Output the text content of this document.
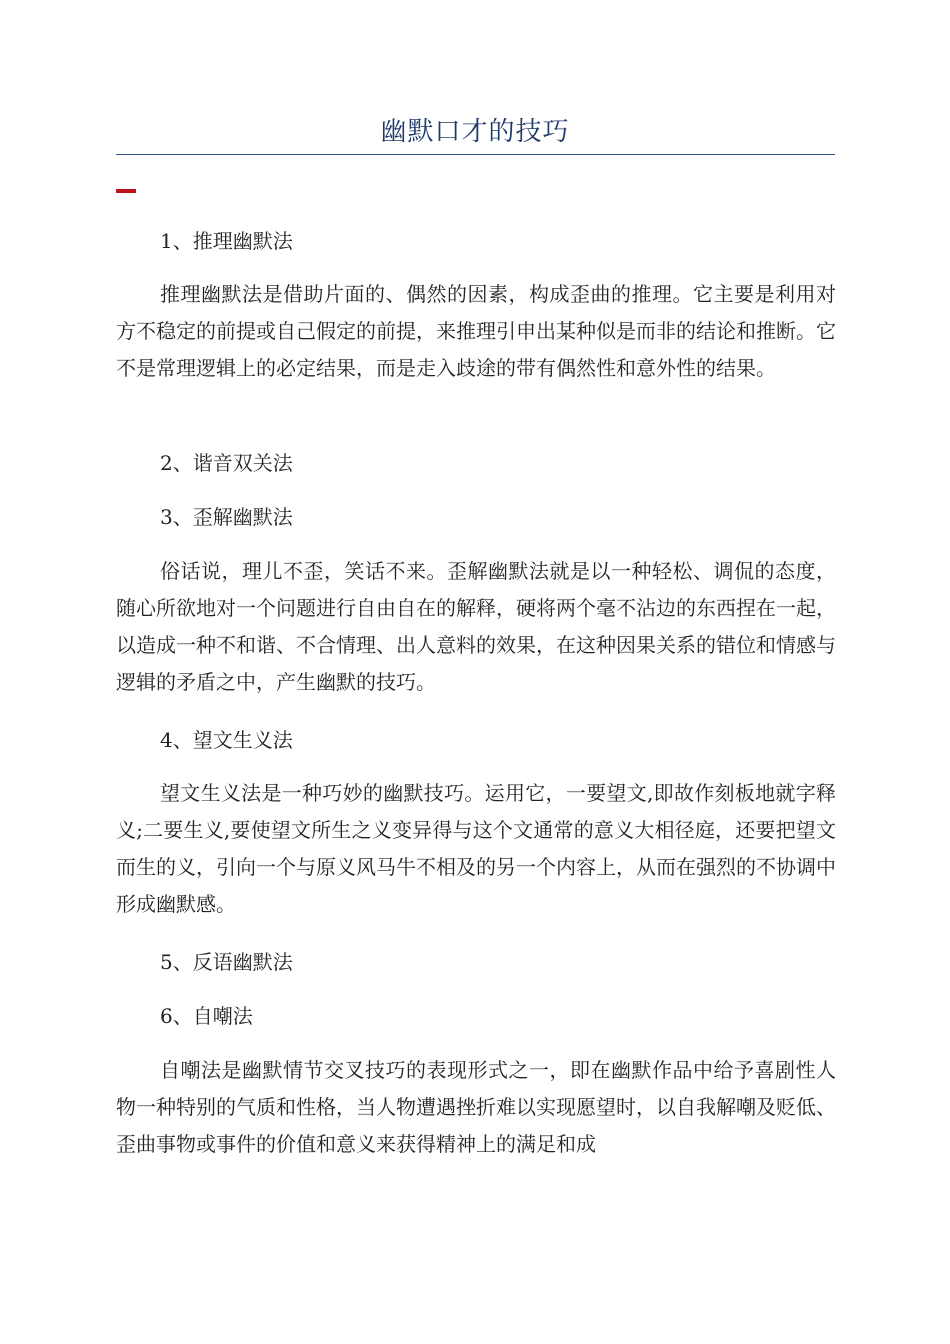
幽默口才的技巧

1、推理幽默法

推理幽默法是借助片面的、偶然的因素，构成歪曲的推理。它主要是利用对方不稳定的前提或自己假定的前提，来推理引申出某种似是而非的结论和推断。它不是常理逻辑上的必定结果，而是走入歧途的带有偶然性和意外性的结果。

2、谐音双关法

3、歪解幽默法

俗话说，理儿不歪，笑话不来。歪解幽默法就是以一种轻松、调侃的态度，随心所欲地对一个问题进行自由自在的解释，硬将两个毫不沾边的东西捏在一起，以造成一种不和谐、不合情理、出人意料的效果，在这种因果关系的错位和情感与逻辑的矛盾之中，产生幽默的技巧。

4、望文生义法

望文生义法是一种巧妙的幽默技巧。运用它，一要望文,即故作刻板地就字释义;二要生义,要使望文所生之义变异得与这个文通常的意义大相径庭，还要把望文而生的义，引向一个与原义风马牛不相及的另一个内容上，从而在强烈的不协调中形成幽默感。

5、反语幽默法

6、自嘲法

自嘲法是幽默情节交叉技巧的表现形式之一，即在幽默作品中给予喜剧性人物一种特别的气质和性格，当人物遭遇挫折难以实现愿望时，以自我解嘲及贬低、歪曲事物或事件的价值和意义来获得精神上的满足和成
